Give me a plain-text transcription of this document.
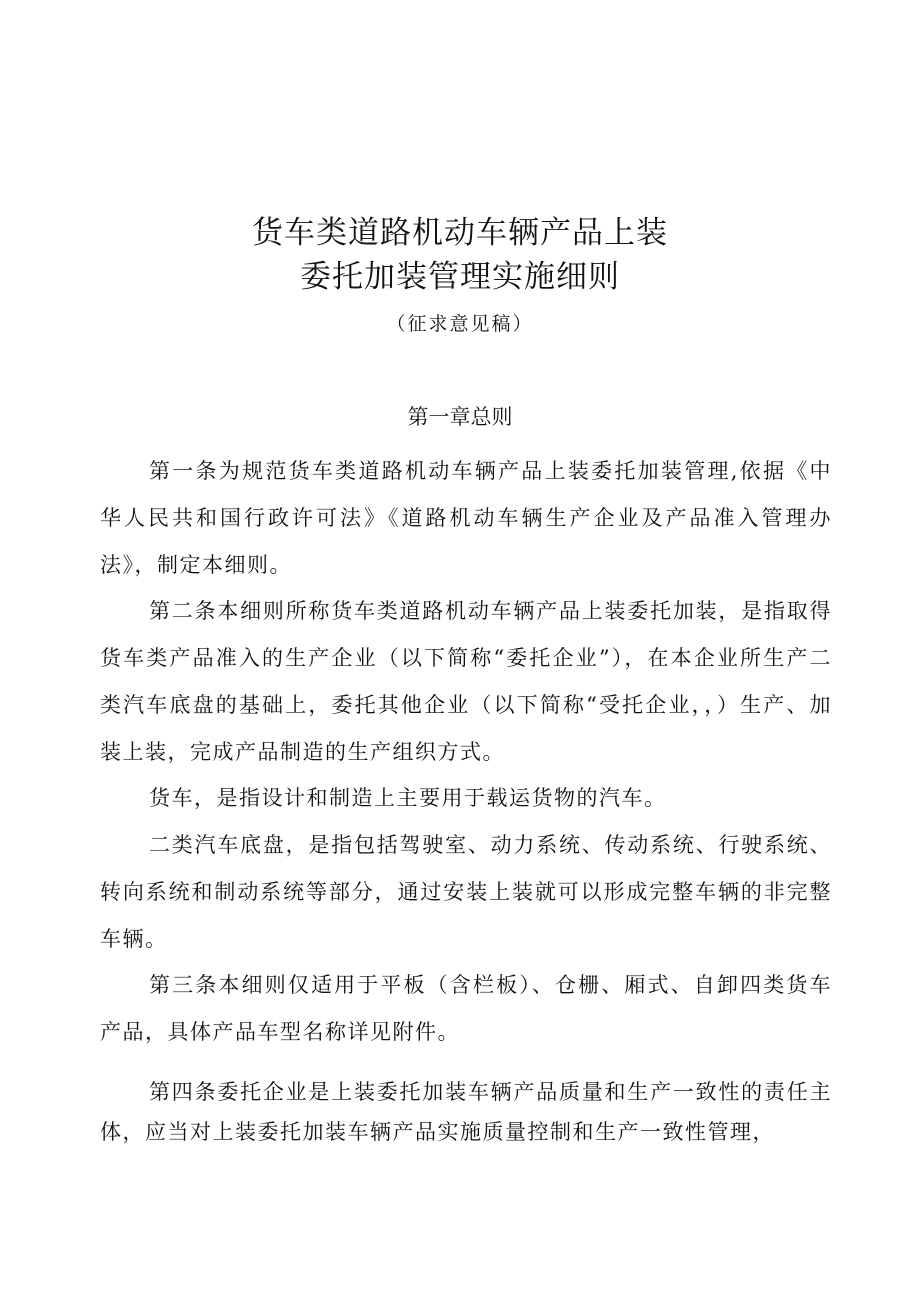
货车类道路机动车辆产品上装
委托加装管理实施细则

（征求意见稿）

第一章总则

第一条为规范货车类道路机动车辆产品上装委托加装管理,依据《中华人民共和国行政许可法》《道路机动车辆生产企业及产品准入管理办法》，制定本细则。

第二条本细则所称货车类道路机动车辆产品上装委托加装，是指取得货车类产品准入的生产企业（以下简称“委托企业”），在本企业所生产二类汽车底盘的基础上，委托其他企业（以下简称“受托企业，，）生产、加装上装，完成产品制造的生产组织方式。

货车，是指设计和制造上主要用于载运货物的汽车。

二类汽车底盘，是指包括驾驶室、动力系统、传动系统、行驶系统、转向系统和制动系统等部分，通过安装上装就可以形成完整车辆的非完整车辆。

第三条本细则仅适用于平板（含栏板）、仓栅、厢式、自卸四类货车产品，具体产品车型名称详见附件。

第四条委托企业是上装委托加装车辆产品质量和生产一致性的责任主体，应当对上装委托加装车辆产品实施质量控制和生产一致性管理，
